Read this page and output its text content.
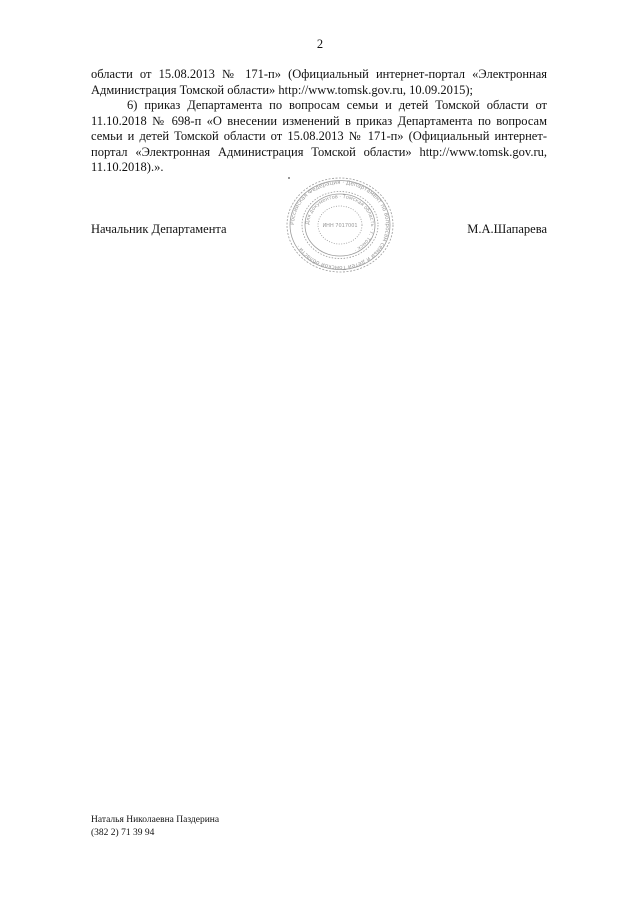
2

области от 15.08.2013 № 171-п» (Официальный интернет-портал «Электронная Администрация Томской области» http://www.tomsk.gov.ru, 10.09.2015);

6) приказ Департамента по вопросам семьи и детей Томской области от 11.10.2018 № 698-п «О внесении изменений в приказ Департамента по вопросам семьи и детей Томской области от 15.08.2013 № 171-п» (Официальный интернет-портал «Электронная Администрация Томской области» http://www.tomsk.gov.ru, 11.10.2018).».

Российская Федерация · Департамент по вопросам семьи и детей Томской области ·
Для документов · Томская область · г. Томск ·
ИНН 7017001
Начальник Департамента	М.А.Шапарева
Наталья Николаевна Паздерина
(382 2) 71 39 94
